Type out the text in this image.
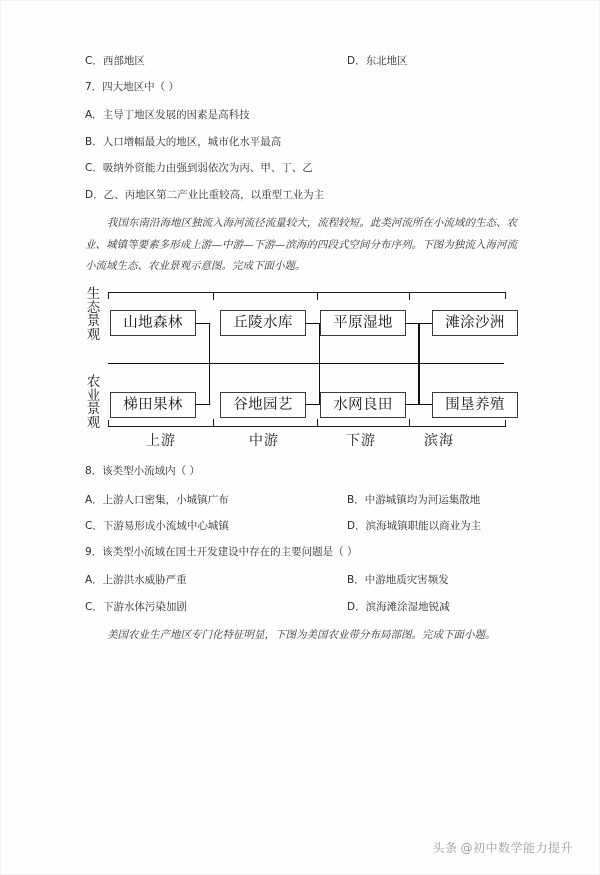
C．西部地区	D．东北地区
7．四大地区中（ ）
A．主导丁地区发展的因素是高科技
B．人口增幅最大的地区，城市化水平最高
C．吸纳外资能力由强到弱依次为丙、甲、丁、乙
D．乙、丙地区第二产业比重较高，以重型工业为主

我国东南沿海地区独流入海河流径流量较大，流程较短。此类河流所在小流域的生态、农业、城镇等要素多形成上游—中游—下游—滨海的四段式空间分布序列。下图为独流入海河流小流域生态、农业景观示意图。完成下面小题。

生
态
景
观
农
业
景
观
山地森林
梯田果林
丘陵水库
谷地园艺
平原湿地
水网良田
滩涂沙洲
围垦养殖
上游	中游	下游	滨海
8．该类型小流域内（ ）
A．上游人口密集，小城镇广布	B．中游城镇均为河运集散地
C．下游易形成小流域中心城镇	D．滨海城镇职能以商业为主
9．该类型小流域在国土开发建设中存在的主要问题是（ ）
A．上游洪水威胁严重	B．中游地质灾害频发
C．下游水体污染加剧	D．滨海滩涂湿地锐减

美国农业生产地区专门化特征明显，下图为美国农业带分布局部图。完成下面小题。

头条 @初中数学能力提升
